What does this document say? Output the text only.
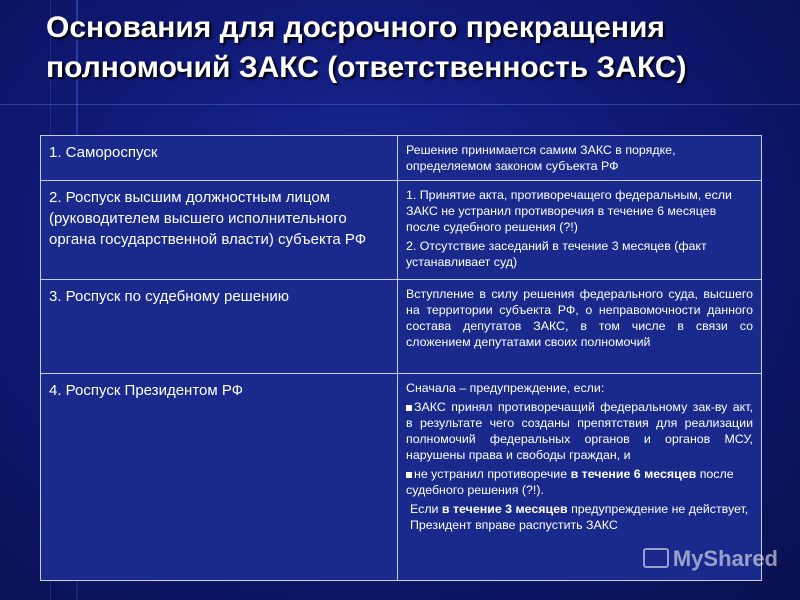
Основания для досрочного прекращения полномочий ЗАКС (ответственность ЗАКС)
1. Самороспуск	Решение принимается самим ЗАКС в порядке, определяемом законом субъекта РФ
2. Роспуск высшим должностным лицом (руководителем высшего исполнительного органа государственной власти) субъекта РФ	1. Принятие акта, противоречащего федеральным, если ЗАКС не устранил противоречия в течение 6 месяцев после судебного решения (?!)
2. Отсутствие заседаний в течение 3 месяцев (факт устанавливает суд)

3. Роспуск по судебному решению	Вступление в силу решения федерального суда, высшего на территории субъекта РФ, о неправомочности данного состава депутатов ЗАКС, в том числе в связи со сложением депутатами своих полномочий
4. Роспуск Президентом РФ	Сначала – предупреждение, если:
ЗАКС принял противоречащий федеральному зак-ву акт, в результате чего созданы препятствия для реализации полномочий федеральных органов и органов МСУ, нарушены права и свободы граждан, и
не устранил противоречие в течение 6 месяцев после судебного решения (?!).
Если в течение 3 месяцев предупреждение не действует, Президент вправе распустить ЗАКС
MyShared
